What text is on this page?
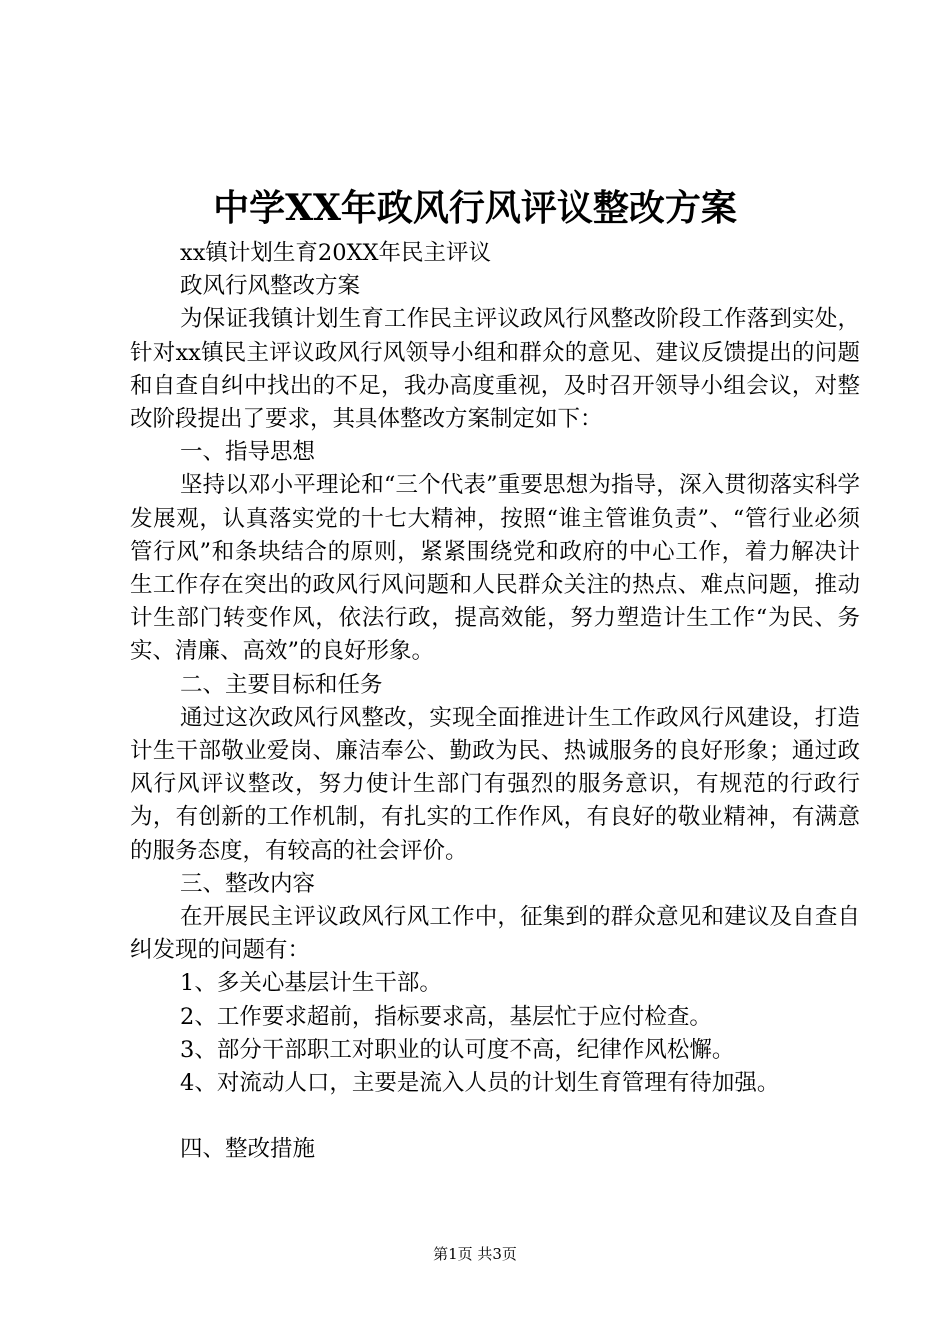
中学XX年政风行风评议整改方案

xx镇计划生育20XX年民主评议

政风行风整改方案

为保证我镇计划生育工作民主评议政风行风整改阶段工作落到实处，针对xx镇民主评议政风行风领导小组和群众的意见、建议反馈提出的问题和自查自纠中找出的不足，我办高度重视，及时召开领导小组会议，对整改阶段提出了要求，其具体整改方案制定如下：

一、指导思想

坚持以邓小平理论和“三个代表”重要思想为指导，深入贯彻落实科学发展观，认真落实党的十七大精神，按照“谁主管谁负责”、“管行业必须管行风”和条块结合的原则，紧紧围绕党和政府的中心工作，着力解决计生工作存在突出的政风行风问题和人民群众关注的热点、难点问题，推动计生部门转变作风，依法行政，提高效能，努力塑造计生工作“为民、务实、清廉、高效”的良好形象。

二、主要目标和任务

通过这次政风行风整改，实现全面推进计生工作政风行风建设，打造计生干部敬业爱岗、廉洁奉公、勤政为民、热诚服务的良好形象；通过政风行风评议整改，努力使计生部门有强烈的服务意识，有规范的行政行为，有创新的工作机制，有扎实的工作作风，有良好的敬业精神，有满意的服务态度，有较高的社会评价。

三、整改内容

在开展民主评议政风行风工作中，征集到的群众意见和建议及自查自纠发现的问题有：

1、多关心基层计生干部。

2、工作要求超前，指标要求高，基层忙于应付检查。

3、部分干部职工对职业的认可度不高，纪律作风松懈。

4、对流动人口，主要是流入人员的计划生育管理有待加强。

四、整改措施

第1页 共3页
